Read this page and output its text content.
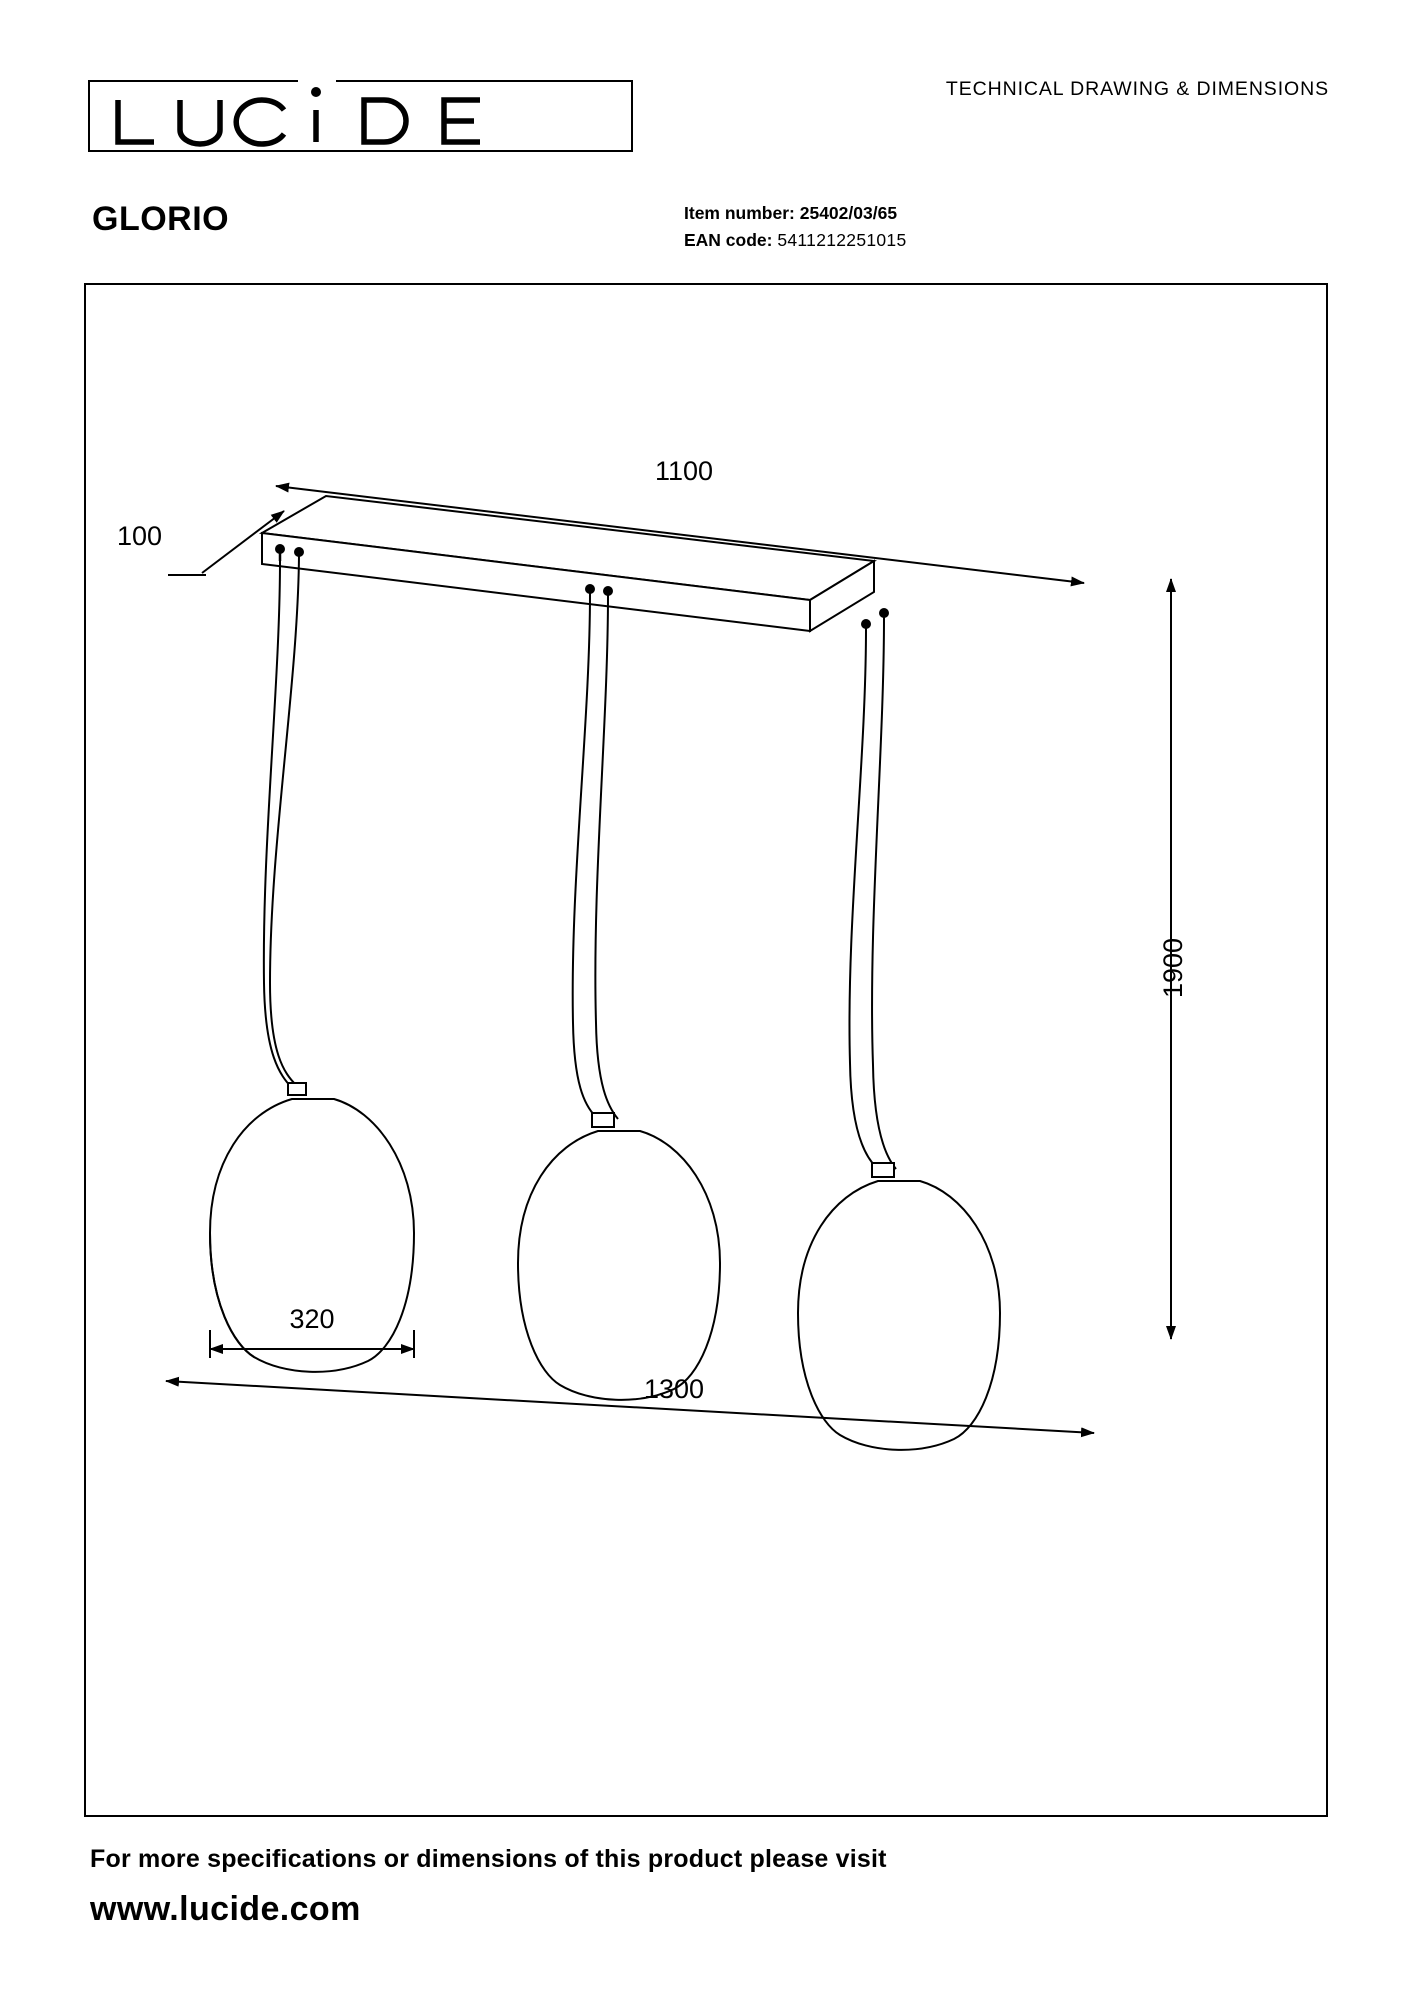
TECHNICAL DRAWING & DIMENSIONS
GLORIO	Item number: 25402/03/65
EAN code: 5411212251015
1100
100
1900
320
1300
For more specifications or dimensions of this product please visit
www.lucide.com
